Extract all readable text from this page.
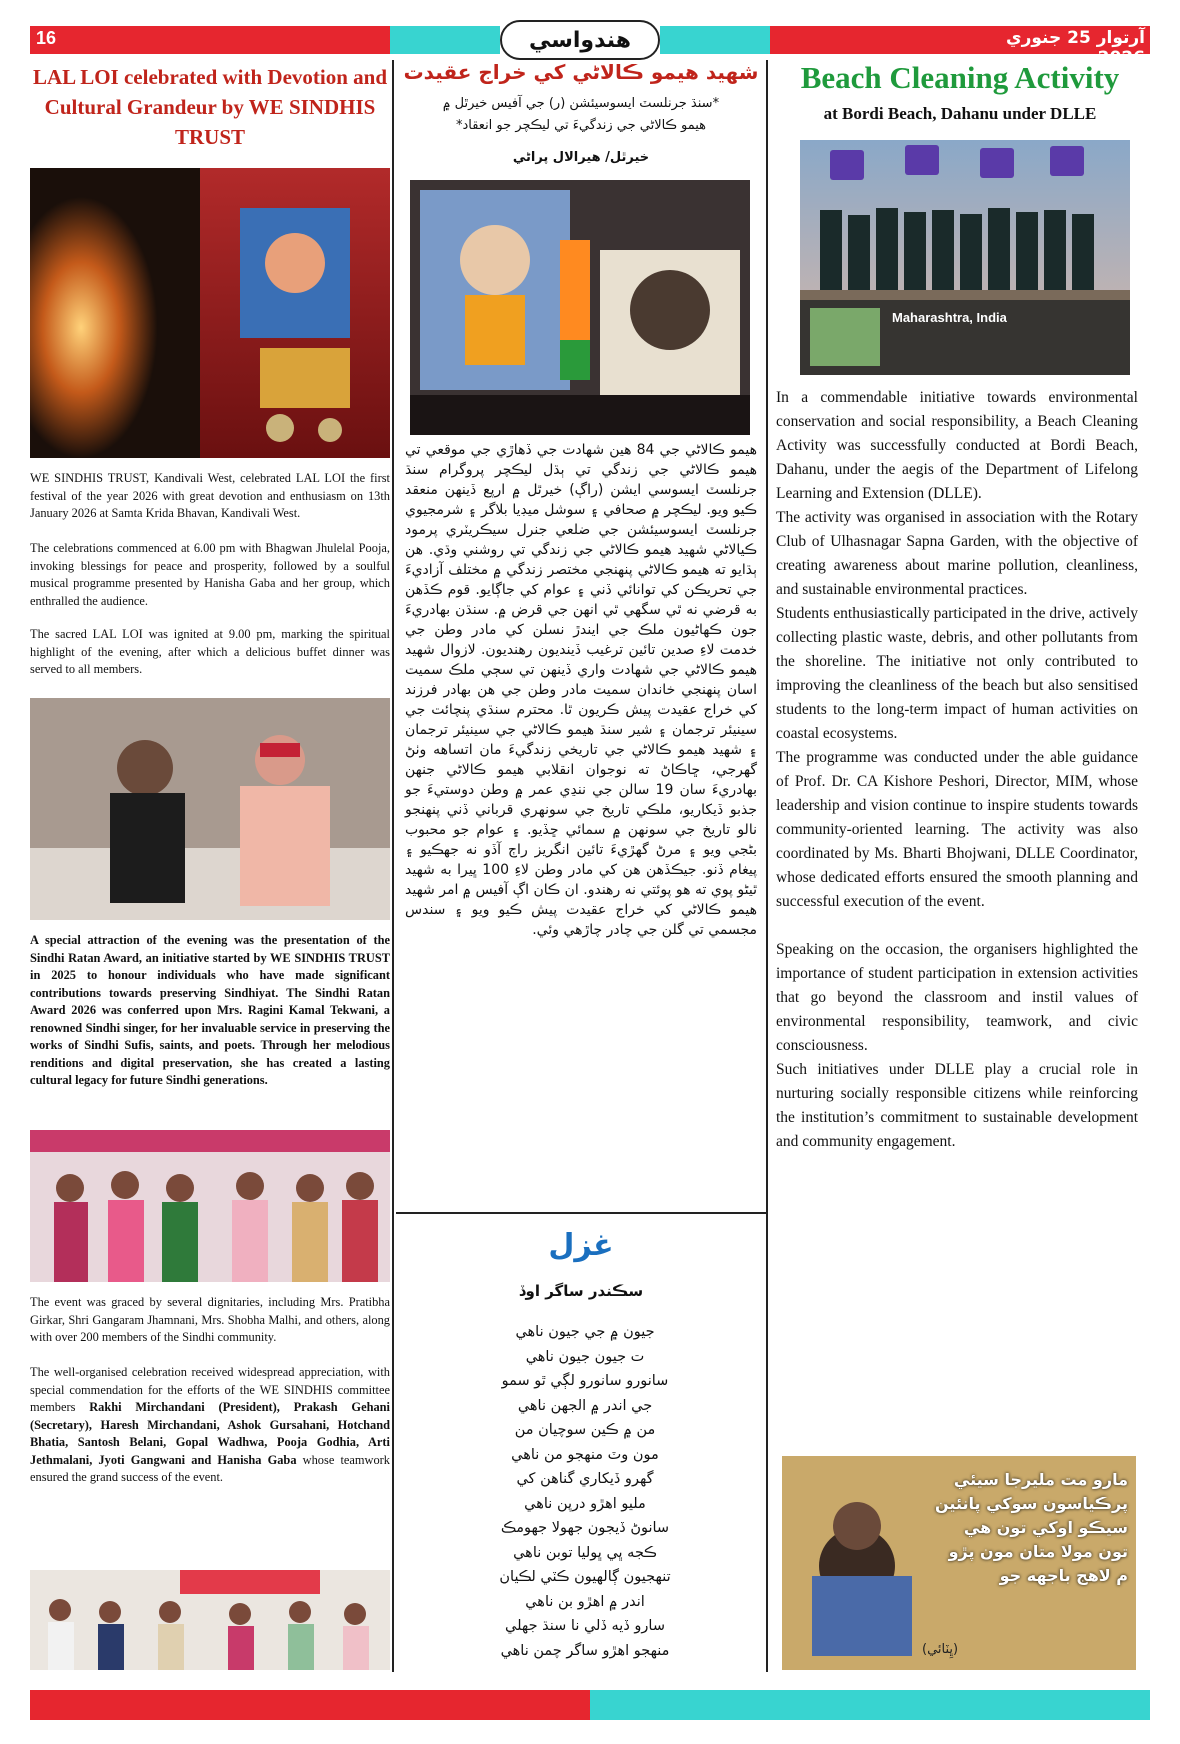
16	هندواسي	آرتوار 25 جنوري 2026
LAL LOI celebrated with Devotion and Cultural Grandeur by WE SINDHIS TRUST
WE SINDHIS TRUST, Kandivali West, celebrated LAL LOI the first festival of the year 2026 with great devotion and enthusiasm on 13th January 2026 at Samta Krida Bhavan, Kandivali West.
The celebrations commenced at 6.00 pm with Bhagwan Jhulelal Pooja, invoking blessings for peace and prosperity, followed by a soulful musical programme presented by Hanisha Gaba and her group, which enthralled the audience.
The sacred LAL LOI was ignited at 9.00 pm, marking the spiritual highlight of the evening, after which a delicious buffet dinner was served to all members.
A special attraction of the evening was the presentation of the Sindhi Ratan Award, an initiative started by WE SINDHIS TRUST in 2025 to honour individuals who have made significant contributions towards preserving Sindhiyat. The Sindhi Ratan Award 2026 was conferred upon Mrs. Ragini Kamal Tekwani, a renowned Sindhi singer, for her invaluable service in preserving the works of Sindhi Sufis, saints, and poets. Through her melodious renditions and digital preservation, she has created a lasting cultural legacy for future Sindhi generations.
The event was graced by several dignitaries, including Mrs. Pratibha Girkar, Shri Gangaram Jhamnani, Mrs. Shobha Malhi, and others, along with over 200 members of the Sindhi community.
The well-organised celebration received widespread appreciation, with special commendation for the efforts of the WE SINDHIS committee members Rakhi Mirchandani (President), Prakash Gehani (Secretary), Haresh Mirchandani, Ashok Gursahani, Hotchand Bhatia, Santosh Belani, Gopal Wadhwa, Pooja Godhia, Arti Jethmalani, Jyoti Gangwani and Hanisha Gaba whose teamwork ensured the grand success of the event.
شهيد هيمو ڪالاڻي کي خراج عقيدت
*سنڌ جرنلسٽ ايسوسيئشن (ر) جي آفيس خيرٿل ۾
هيمو ڪالاڻي جي زندگيءَ تي ليڪچر جو انعقاد*
خيرٿل/ هيرالال پراڻي
هيمو ڪالاڻي جي 84 هين شهادت جي ڏهاڙي جي موقعي تي هيمو ڪالاڻي جي زندگي تي ٻڌل ليڪچر پروگرام سنڌ جرنلسٽ ايسوسي ايشن (راڳ) خيرٿل ۾ ارپع ڏينهن منعقد ڪيو ويو. ليڪچر ۾ صحافي ۽ سوشل ميڊيا بلاگر ۽ شرمجيوي جرنلسٽ ايسوسيئشن جي ضلعي جنرل سيڪريٽري پرمود ڪيالاڻي شهيد هيمو ڪالاڻي جي زندگي تي روشني وڌي. هن ٻڌايو ته هيمو ڪالاڻي پنهنجي مختصر زندگي ۾ مختلف آزاديءَ جي تحريڪن کي توانائي ڏني ۽ عوام کي جاڳايو. قوم ڪڏهن به قرضي نه ٿي سگهي ٿي انهن جي قرض ۾. سنڌن بهادريءَ جون ڪهاڻيون ملڪ جي ايندڙ نسلن کي مادر وطن جي خدمت لاءِ صدين تائين ترغيب ڏينديون رهنديون. لازوال شهيد هيمو ڪالاڻي جي شهادت واري ڏينهن تي سڄي ملڪ سميت اسان پنهنجي خاندان سميت مادر وطن جي هن بهادر فرزند کي خراج عقيدت پيش ڪريون ٿا. محترم سنڌي پنچائت جي سينيئر ترجمان ۽ شير سنڌ هيمو ڪالاڻي جي سينيئر ترجمان ۽ شهيد هيمو ڪالاڻي جي تاريخي زندگيءَ مان اتساهه وٺڻ گهرجي، ڇاڪاڻ ته نوجوان انقلابي هيمو ڪالاڻي جنهن بهادريءَ سان 19 سالن جي ننڍي عمر ۾ وطن دوستيءَ جو جذبو ڏيکاريو، ملڪي تاريخ جي سونهري قرباني ڏني پنهنجو نالو تاريخ جي سونهن ۾ سمائي ڇڏيو. ۽ عوام جو محبوب بڻجي ويو ۽ مرڻ گهڙيءَ تائين انگريز راڄ آڏو نه جهڪيو ۽ پيغام ڏنو. جيڪڏهن هن کي مادر وطن لاءِ 100 ڀيرا به شهيد ٿيڻو پوي ته هو پوئتي نه رهندو. ان ڪان اڳ آفيس ۾ امر شهيد هيمو ڪالاڻي کي خراج عقيدت پيش ڪيو ويو ۽ سندس مجسمي تي گلن جي چادر چاڙهي وئي.
غزل
سڪندر ساگر اوڏ
جيون ۾ جي جيون ناهي
ت جيون جيون ناهي
سانورو سانورو لڳي ٿو سمو
جي اندر ۾ الجهن ناهي
من ۾ ڪين سوچيان من
مون وٽ منهجو من ناهي
گهرو ڏيکاري گناهن کي
مليو اهڙو درپن ناهي
سانوڻ ڏيجون جهولا جهومڪ
ڪجه ڀي ڀوليا توبن ناهي
تنهجيون ڳالهيون ڪٽي لڪيان
اندر ۾ اهڙو بن ناهي
سارو ڏيه ڏلي نا سنڌ جهلي
منهجو اهڙو ساگر چمن ناهي
Beach Cleaning Activity
at Bordi Beach, Dahanu under DLLE
Maharashtra, India
In a commendable initiative towards environmental conservation and social responsibility, a Beach Cleaning Activity was successfully conducted at Bordi Beach, Dahanu, under the aegis of the Department of Lifelong Learning and Extension (DLLE).
The activity was organised in association with the Rotary Club of Ulhasnagar Sapna Garden, with the objective of creating awareness about marine pollution, cleanliness, and sustainable environmental practices.
Students enthusiastically participated in the drive, actively collecting plastic waste, debris, and other pollutants from the shoreline. The initiative not only contributed to improving the cleanliness of the beach but also sensitised students to the long-term impact of human activities on coastal ecosystems.
The programme was conducted under the able guidance of Prof. Dr. CA Kishore Peshori, Director, MIM, whose leadership and vision continue to inspire students towards community-oriented learning. The activity was also coordinated by Ms. Bharti Bhojwani, DLLE Coordinator, whose dedicated efforts ensured the smooth planning and successful execution of the event.
Speaking on the occasion, the organisers highlighted the importance of student participation in extension activities that go beyond the classroom and instil values of environmental responsibility, teamwork, and civic consciousness.
Such initiatives under DLLE play a crucial role in nurturing socially responsible citizens while reinforcing the institution’s commitment to sustainable development and community engagement.
مارو مت مليرجا سيئي
پرڪياسون سوکي پانئين
سيڪو اوکي تون هي
تون مولا متان مون پڙو
م لاهج باجهه جو
(ڀِٽائي)
